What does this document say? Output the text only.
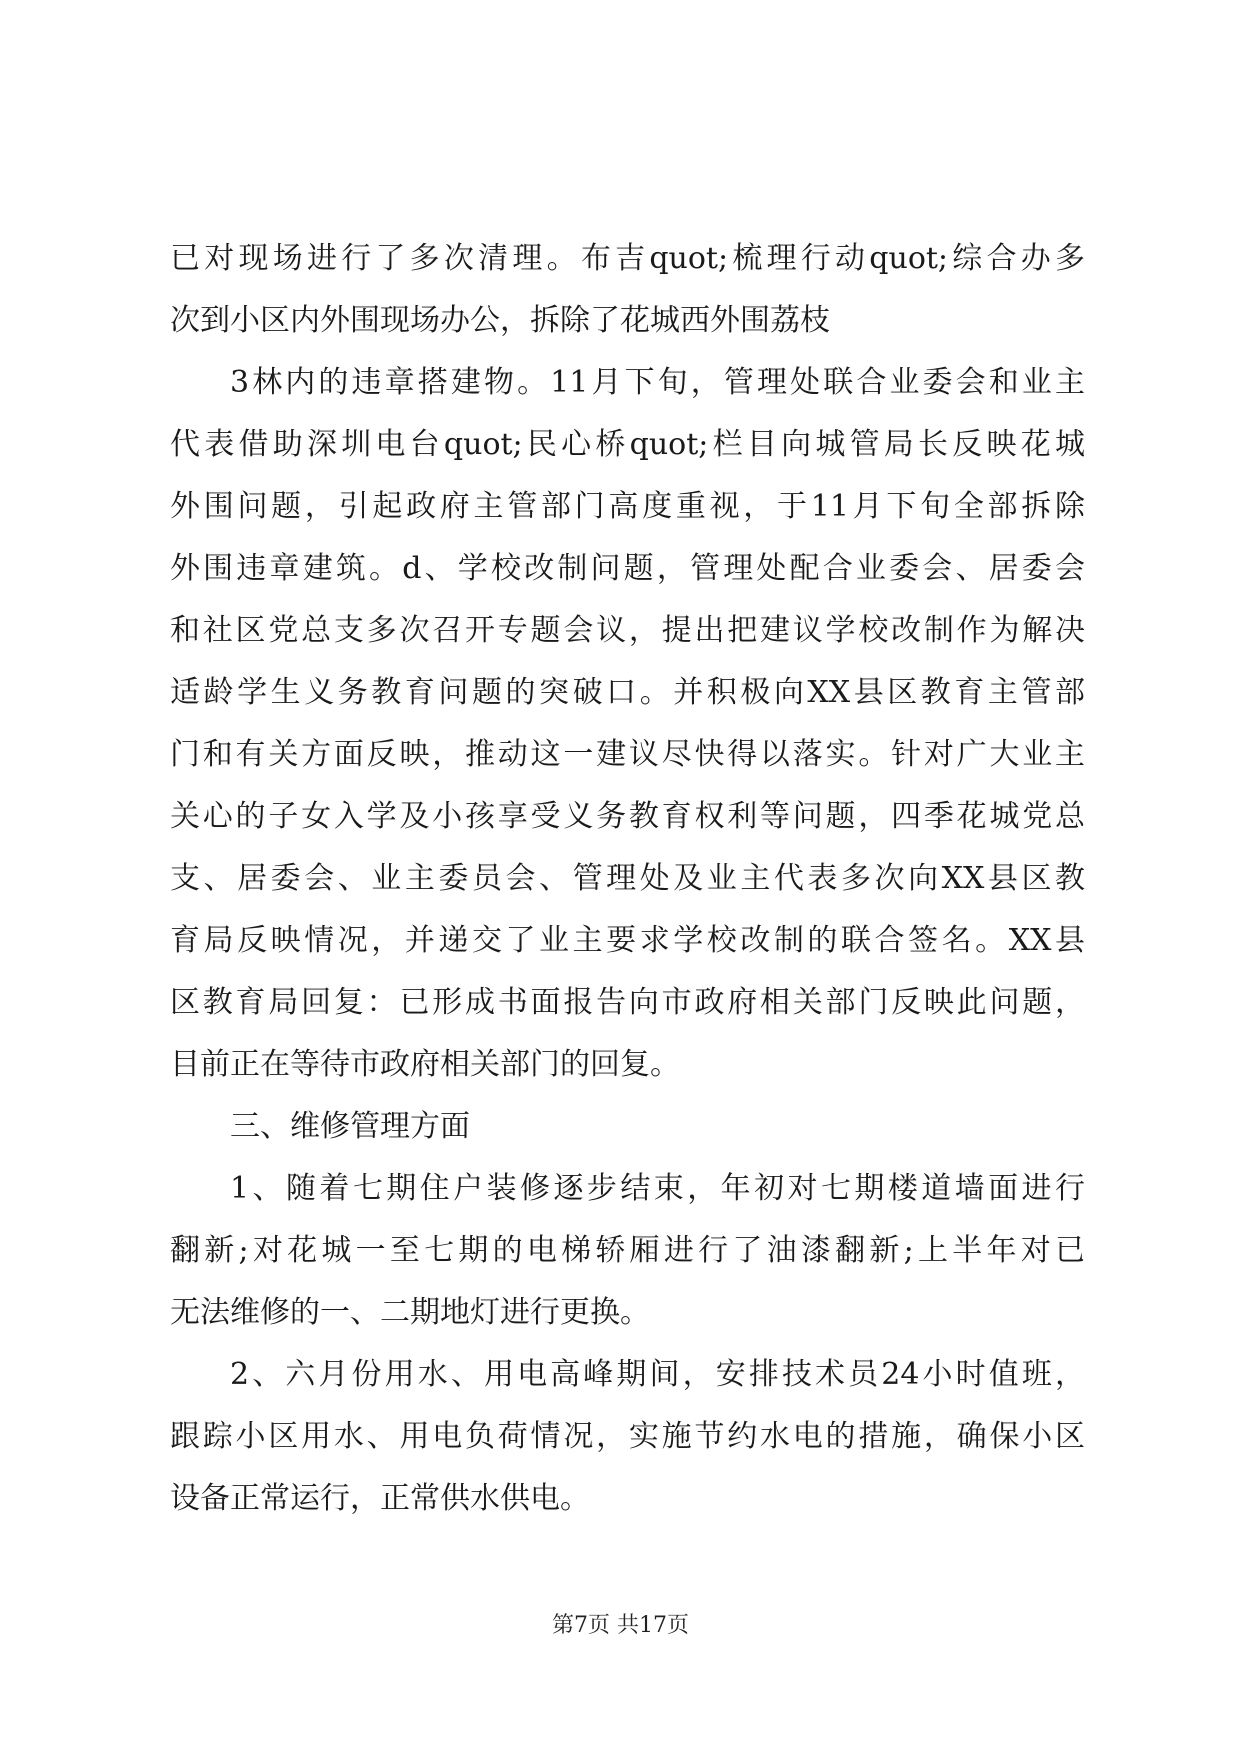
已对现场进行了多次清理。布吉quot;梳理行动quot;综合办多
次到小区内外围现场办公，拆除了花城西外围荔枝
3林内的违章搭建物。11月下旬，管理处联合业委会和业主
代表借助深圳电台quot;民心桥quot;栏目向城管局长反映花城
外围问题，引起政府主管部门高度重视，于11月下旬全部拆除
外围违章建筑。d、学校改制问题，管理处配合业委会、居委会
和社区党总支多次召开专题会议，提出把建议学校改制作为解决
适龄学生义务教育问题的突破口。并积极向XX县区教育主管部
门和有关方面反映，推动这一建议尽快得以落实。针对广大业主
关心的子女入学及小孩享受义务教育权利等问题，四季花城党总
支、居委会、业主委员会、管理处及业主代表多次向XX县区教
育局反映情况，并递交了业主要求学校改制的联合签名。XX县
区教育局回复：已形成书面报告向市政府相关部门反映此问题，
目前正在等待市政府相关部门的回复。
三、维修管理方面
1、随着七期住户装修逐步结束，年初对七期楼道墙面进行
翻新;对花城一至七期的电梯轿厢进行了油漆翻新;上半年对已
无法维修的一、二期地灯进行更换。
2、六月份用水、用电高峰期间，安排技术员24小时值班，
跟踪小区用水、用电负荷情况，实施节约水电的措施，确保小区
设备正常运行，正常供水供电。
第7页 共17页
